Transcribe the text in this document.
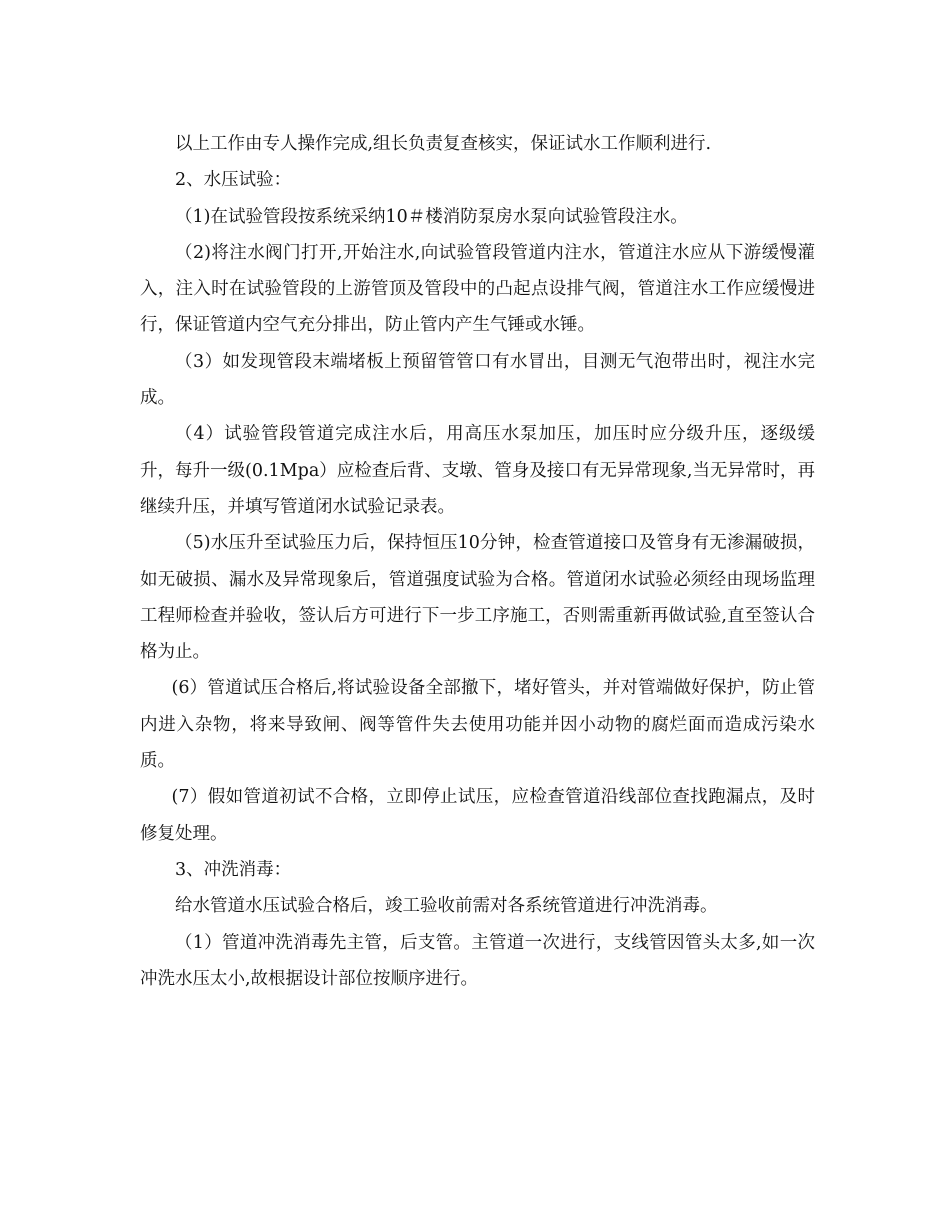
以上工作由专人操作完成,组长负责复查核实，保证试水工作顺利进行.

2、水压试验：

（1)在试验管段按系统采纳10＃楼消防泵房水泵向试验管段注水。

（2)将注水阀门打开,开始注水,向试验管段管道内注水，管道注水应从下游缓慢灌入，注入时在试验管段的上游管顶及管段中的凸起点设排气阀，管道注水工作应缓慢进行，保证管道内空气充分排出，防止管内产生气锤或水锤。

（3）如发现管段末端堵板上预留管管口有水冒出，目测无气泡带出时，视注水完成。

（4）试验管段管道完成注水后，用高压水泵加压，加压时应分级升压，逐级缓升，每升一级(0.1Mpa）应检查后背、支墩、管身及接口有无异常现象,当无异常时，再继续升压，并填写管道闭水试验记录表。

（5)水压升至试验压力后，保持恒压10分钟，检查管道接口及管身有无渗漏破损，如无破损、漏水及异常现象后，管道强度试验为合格。管道闭水试验必须经由现场监理工程师检查并验收，签认后方可进行下一步工序施工，否则需重新再做试验,直至签认合格为止。

(6）管道试压合格后,将试验设备全部撤下，堵好管头，并对管端做好保护，防止管内进入杂物，将来导致闸、阀等管件失去使用功能并因小动物的腐烂面而造成污染水质。

(7）假如管道初试不合格，立即停止试压，应检查管道沿线部位查找跑漏点，及时修复处理。

3、冲洗消毒：

给水管道水压试验合格后，竣工验收前需对各系统管道进行冲洗消毒。

（1）管道冲洗消毒先主管，后支管。主管道一次进行，支线管因管头太多,如一次冲洗水压太小,故根据设计部位按顺序进行。
